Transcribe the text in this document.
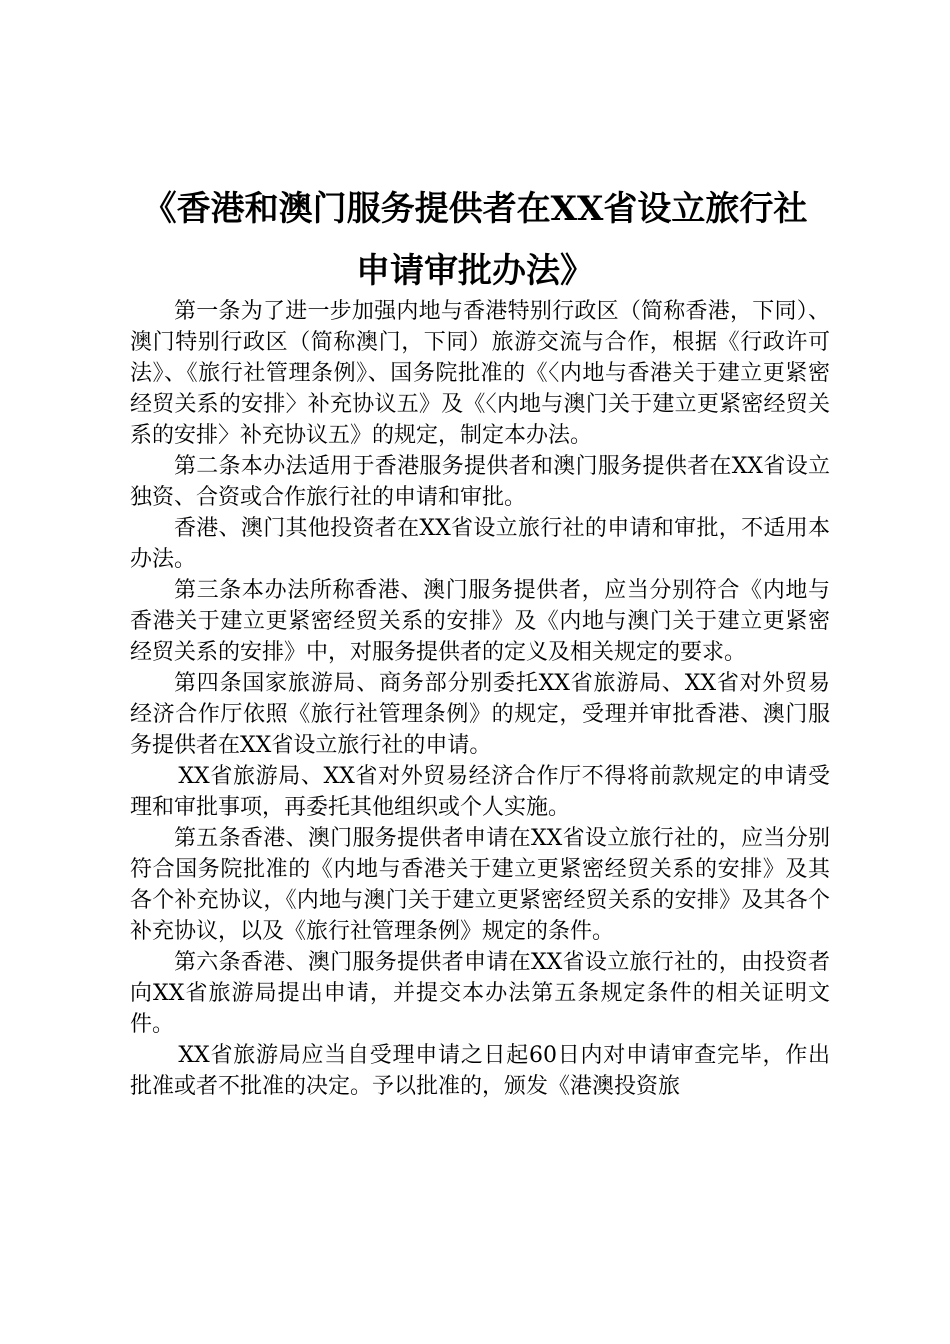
《香港和澳门服务提供者在XX省设立旅行社
申请审批办法》

第一条为了进一步加强内地与香港特别行政区（简称香港，下同）、澳门特别行政区（简称澳门，下同）旅游交流与合作，根据《行政许可法》、《旅行社管理条例》、国务院批准的《〈内地与香港关于建立更紧密经贸关系的安排〉补充协议五》及《〈内地与澳门关于建立更紧密经贸关系的安排〉补充协议五》的规定，制定本办法。

第二条本办法适用于香港服务提供者和澳门服务提供者在XX省设立独资、合资或合作旅行社的申请和审批。

香港、澳门其他投资者在XX省设立旅行社的申请和审批，不适用本办法。

第三条本办法所称香港、澳门服务提供者，应当分别符合《内地与香港关于建立更紧密经贸关系的安排》及《内地与澳门关于建立更紧密经贸关系的安排》中，对服务提供者的定义及相关规定的要求。

第四条国家旅游局、商务部分别委托XX省旅游局、XX省对外贸易经济合作厅依照《旅行社管理条例》的规定，受理并审批香港、澳门服务提供者在XX省设立旅行社的申请。

XX省旅游局、XX省对外贸易经济合作厅不得将前款规定的申请受理和审批事项，再委托其他组织或个人实施。

第五条香港、澳门服务提供者申请在XX省设立旅行社的，应当分别符合国务院批准的《内地与香港关于建立更紧密经贸关系的安排》及其各个补充协议，《内地与澳门关于建立更紧密经贸关系的安排》及其各个补充协议，以及《旅行社管理条例》规定的条件。

第六条香港、澳门服务提供者申请在XX省设立旅行社的，由投资者向XX省旅游局提出申请，并提交本办法第五条规定条件的相关证明文件。

XX省旅游局应当自受理申请之日起60日内对申请审查完毕，作出批准或者不批准的决定。予以批准的，颁发《港澳投资旅
